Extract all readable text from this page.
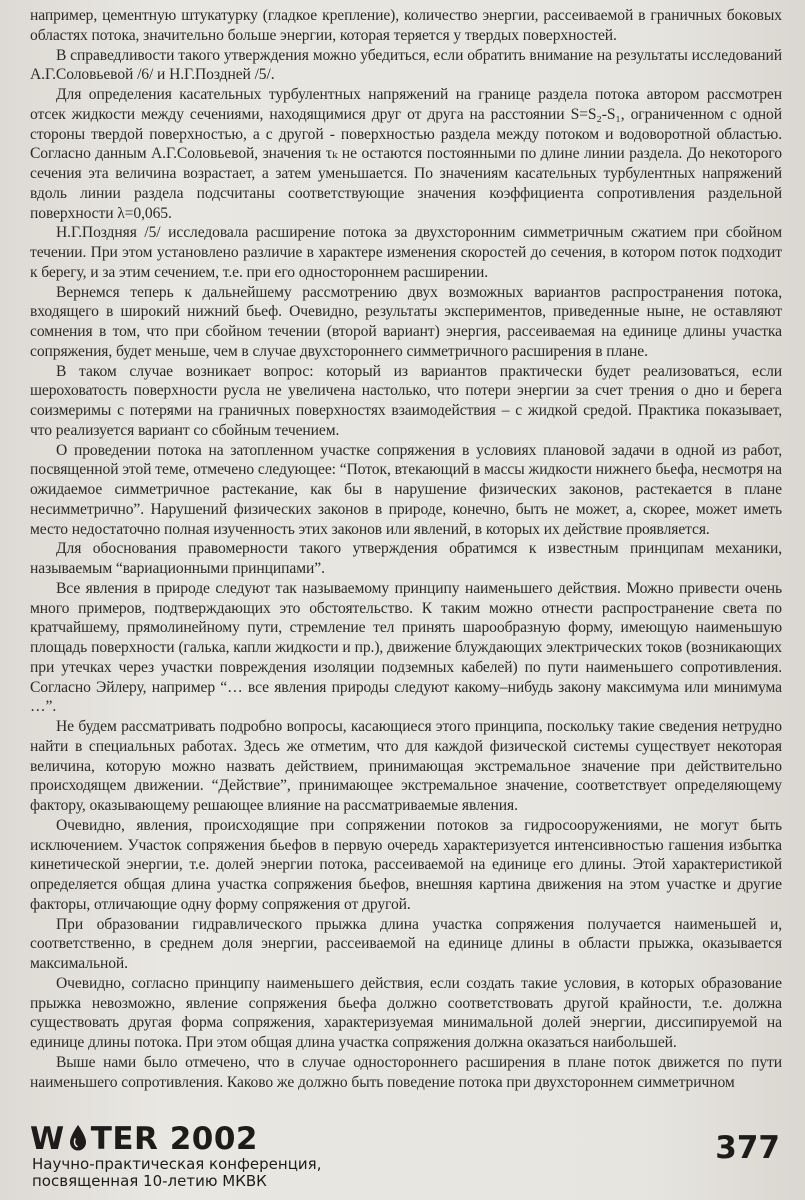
например, цементную штукатурку (гладкое крепление), количество энергии, рассеиваемой в граничных боковых областях потока, значительно больше энергии, которая теряется у твердых поверхностей.

В справедливости такого утверждения можно убедиться, если обратить внимание на результаты исследований А.Г.Соловьевой /6/ и Н.Г.Поздней /5/.

Для определения касательных турбулентных напряжений на границе раздела потока автором рассмотрен отсек жидкости между сечениями, находящимися друг от друга на расстоянии S=S₂-S₁, ограниченном с одной стороны твердой поверхностью, а с другой - поверхностью раздела между потоком и водоворотной областью. Согласно данным А.Г.Соловьевой, значения τₖ не остаются постоянными по длине линии раздела. До некоторого сечения эта величина возрастает, а затем уменьшается. По значениям касательных турбулентных напряжений вдоль линии раздела подсчитаны соответствующие значения коэффициента сопротивления раздельной поверхности λ=0,065.

Н.Г.Поздняя /5/ исследовала расширение потока за двухсторонним симметричным сжатием при сбойном течении. При этом установлено различие в характере изменения скоростей до сечения, в котором поток подходит к берегу, и за этим сечением, т.е. при его одностороннем расширении.

Вернемся теперь к дальнейшему рассмотрению двух возможных вариантов распространения потока, входящего в широкий нижний бьеф. Очевидно, результаты экспериментов, приведенные ныне, не оставляют сомнения в том, что при сбойном течении (второй вариант) энергия, рассеиваемая на единице длины участка сопряжения, будет меньше, чем в случае двухстороннего симметричного расширения в плане.

В таком случае возникает вопрос: который из вариантов практически будет реализоваться, если шероховатость поверхности русла не увеличена настолько, что потери энергии за счет трения о дно и берега соизмеримы с потерями на граничных поверхностях взаимодействия – с жидкой средой. Практика показывает, что реализуется вариант со сбойным течением.

О проведении потока на затопленном участке сопряжения в условиях плановой задачи в одной из работ, посвященной этой теме, отмечено следующее: “Поток, втекающий в массы жидкости нижнего бьефа, несмотря на ожидаемое симметричное растекание, как бы в нарушение физических законов, растекается в плане несимметрично”. Нарушений физических законов в природе, конечно, быть не может, а, скорее, может иметь место недостаточно полная изученность этих законов или явлений, в которых их действие проявляется.

Для обоснования правомерности такого утверждения обратимся к известным принципам механики, называемым “вариационными принципами”.

Все явления в природе следуют так называемому принципу наименьшего действия. Можно привести очень много примеров, подтверждающих это обстоятельство. К таким можно отнести распространение света по кратчайшему, прямолинейному пути, стремление тел принять шарообразную форму, имеющую наименьшую площадь поверхности (галька, капли жидкости и пр.), движение блуждающих электрических токов (возникающих при утечках через участки повреждения изоляции подземных кабелей) по пути наименьшего сопротивления. Согласно Эйлеру, например “… все явления природы следуют какому–нибудь закону максимума или минимума …”.

Не будем рассматривать подробно вопросы, касающиеся этого принципа, поскольку такие сведения нетрудно найти в специальных работах. Здесь же отметим, что для каждой физической системы существует некоторая величина, которую можно назвать действием, принимающая экстремальное значение при действительно происходящем движении. “Действие”, принимающее экстремальное значение, соответствует определяющему фактору, оказывающему решающее влияние на рассматриваемые явления.

Очевидно, явления, происходящие при сопряжении потоков за гидросооружениями, не могут быть исключением. Участок сопряжения бьефов в первую очередь характеризуется интенсивностью гашения избытка кинетической энергии, т.е. долей энергии потока, рассеиваемой на единице его длины. Этой характеристикой определяется общая длина участка сопряжения бьефов, внешняя картина движения на этом участке и другие факторы, отличающие одну форму сопряжения от другой.

При образовании гидравлического прыжка длина участка сопряжения получается наименьшей и, соответственно, в среднем доля энергии, рассеиваемой на единице длины в области прыжка, оказывается максимальной.

Очевидно, согласно принципу наименьшего действия, если создать такие условия, в которых образование прыжка невозможно, явление сопряжения бьефа должно соответствовать другой крайности, т.е. должна существовать другая форма сопряжения, характеризуемая минимальной долей энергии, диссипируемой на единице длины потока. При этом общая длина участка сопряжения должна оказаться наибольшей.

Выше нами было отмечено, что в случае одностороннего расширения в плане поток движется по пути наименьшего сопротивления. Каково же должно быть поведение потока при двухстороннем симметричном

W TER 2002
Научно-практическая конференция,
посвященная 10-летию МКВК
377
